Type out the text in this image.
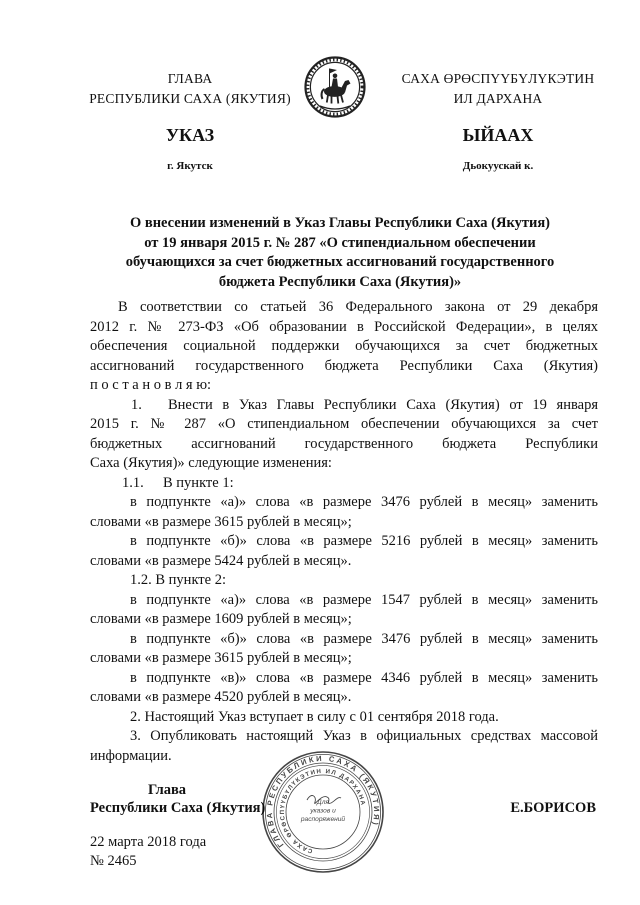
ГЛАВА
РЕСПУБЛИКИ САХА (ЯКУТИЯ)
САХА ӨРӨСПҮҮБҮЛҮКЭТИН
ИЛ ДАРХАНА
УКАЗ	ЫЙААХ
г. Якутск	Дьокуускай к.
О внесении изменений в Указ Главы Республики Саха (Якутия)
от 19 января 2015 г. № 287 «О стипендиальном обеспечении
обучающихся за счет бюджетных ассигнований государственного
бюджета Республики Саха (Якутия)»
В соответствии со статьей 36 Федерального закона от 29 декабря
2012 г. № 273-ФЗ «Об образовании в Российской Федерации», в целях
обеспечения социальной поддержки обучающихся за счет бюджетных
ассигнований государственного бюджета Республики Саха (Якутия)
п о с т а н о в л я ю:
1. Внести в Указ Главы Республики Саха (Якутия) от 19 января
2015 г. № 287 «О стипендиальном обеспечении обучающихся за счет
бюджетных ассигнований государственного бюджета Республики
Саха (Якутия)» следующие изменения:
1.1. В пункте 1:
в подпункте «а)» слова «в размере 3476 рублей в месяц» заменить
словами «в размере 3615 рублей в месяц»;
в подпункте «б)» слова «в размере 5216 рублей в месяц» заменить
словами «в размере 5424 рублей в месяц».
1.2. В пункте 2:
в подпункте «а)» слова «в размере 1547 рублей в месяц» заменить
словами «в размере 1609 рублей в месяц»;
в подпункте «б)» слова «в размере 3476 рублей в месяц» заменить
словами «в размере 3615 рублей в месяц»;
в подпункте «в)» слова «в размере 4346 рублей в месяц» заменить
словами «в размере 4520 рублей в месяц».
2. Настоящий Указ вступает в силу с 01 сентября 2018 года.
3. Опубликовать настоящий Указ в официальных средствах массовой
информации.
Глава
Республики Саха (Якутия)	Е.БОРИСОВ
22 марта 2018 года
№ 2465
ГЛАВА РЕСПУБЛИКИ САХА (ЯКУТИЯ)
САХА ӨРӨСПҮҮБҮЛҮКЭТИН ИЛ ДАРХАНА
Для
указов и
распоряжений
